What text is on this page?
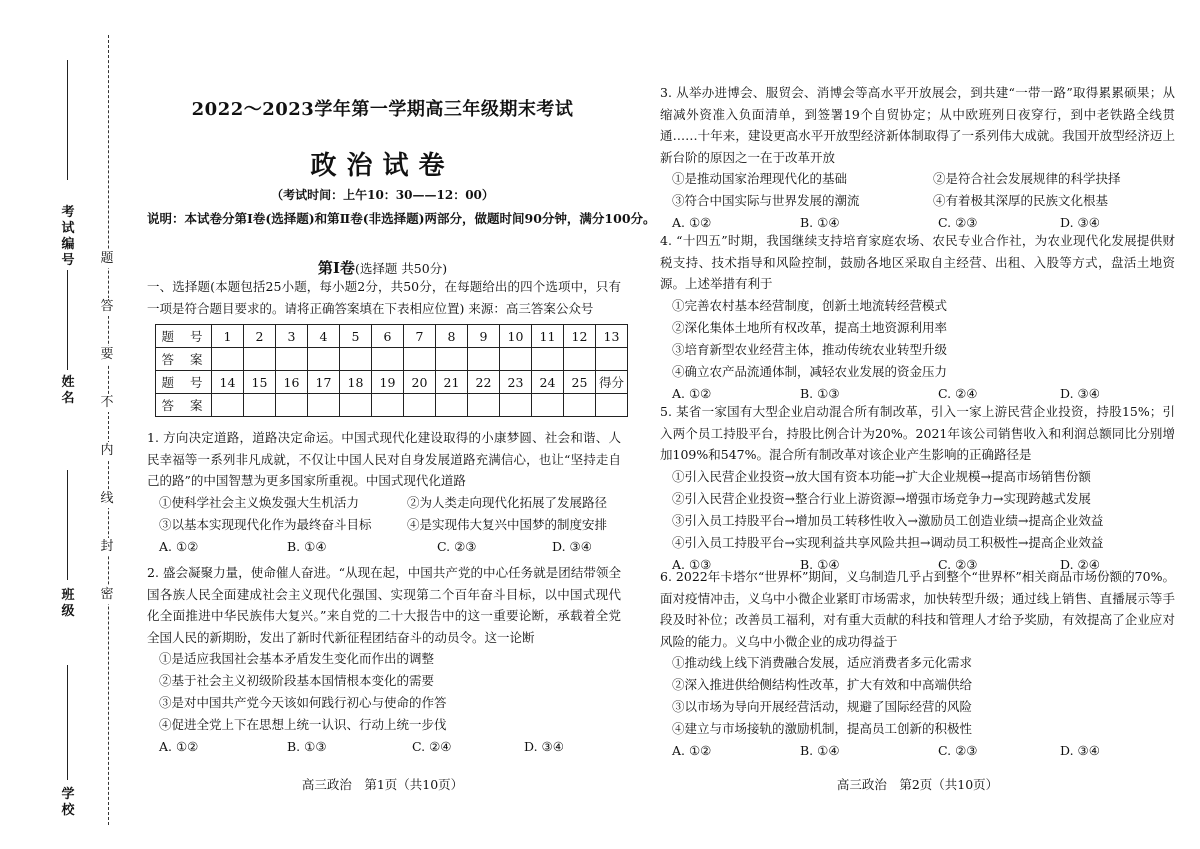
题
答
要
不
内
线
封
密
考试编号
姓名
班级
学校
2022～2023学年第一学期高三年级期末考试
政治试卷
（考试时间：上午10：30——12：00）
说明：本试卷分第Ⅰ卷(选择题)和第Ⅱ卷(非选择题)两部分，做题时间90分钟，满分100分。
第Ⅰ卷(选择题 共50分)
一、选择题(本题包括25小题，每小题2分，共50分，在每题给出的四个选项中，只有一项是符合题目要求的。请将正确答案填在下表相应位置) 来源：高三答案公众号
题 号	1	2	3	4	5	6	7	8	9	10	11	12	13
答 案													
题 号	14	15	16	17	18	19	20	21	22	23	24	25	得分
答 案													

1. 方向决定道路，道路决定命运。中国式现代化建设取得的小康梦圆、社会和谐、人民幸福等一系列非凡成就，不仅让中国人民对自身发展道路充满信心，也让“坚持走自己的路”的中国智慧为更多国家所重视。中国式现代化道路

①使科学社会主义焕发强大生机活力	②为人类走向现代化拓展了发展路径
③以基本实现现代化作为最终奋斗目标	④是实现伟大复兴中国梦的制度安排
A. ①②	B. ①④	C. ②③	D. ③④

2. 盛会凝聚力量，使命催人奋进。“从现在起，中国共产党的中心任务就是团结带领全国各族人民全面建成社会主义现代化强国、实现第二个百年奋斗目标，以中国式现代化全面推进中华民族伟大复兴。”来自党的二十大报告中的这一重要论断，承载着全党全国人民的新期盼，发出了新时代新征程团结奋斗的动员令。这一论断

①是适应我国社会基本矛盾发生变化而作出的调整
②基于社会主义初级阶段基本国情根本变化的需要
③是对中国共产党今天该如何践行初心与使命的作答
④促进全党上下在思想上统一认识、行动上统一步伐
A. ①②	B. ①③	C. ②④	D. ③④
高三政治　第1页（共10页）

3. 从举办进博会、服贸会、消博会等高水平开放展会，到共建“一带一路”取得累累硕果；从缩减外资准入负面清单，到签署19个自贸协定；从中欧班列日夜穿行，到中老铁路全线贯通……十年来，建设更高水平开放型经济新体制取得了一系列伟大成就。我国开放型经济迈上新台阶的原因之一在于改革开放

①是推动国家治理现代化的基础	②是符合社会发展规律的科学抉择
③符合中国实际与世界发展的潮流	④有着极其深厚的民族文化根基
A. ①②	B. ①④	C. ②③	D. ③④

4. “十四五”时期，我国继续支持培育家庭农场、农民专业合作社，为农业现代化发展提供财税支持、技术指导和风险控制，鼓励各地区采取自主经营、出租、入股等方式，盘活土地资源。上述举措有利于

①完善农村基本经营制度，创新土地流转经营模式
②深化集体土地所有权改革，提高土地资源利用率
③培育新型农业经营主体，推动传统农业转型升级
④确立农产品流通体制，减轻农业发展的资金压力
A. ①②	B. ①③	C. ②④	D. ③④

5. 某省一家国有大型企业启动混合所有制改革，引入一家上游民营企业投资，持股15%；引入两个员工持股平台，持股比例合计为20%。2021年该公司销售收入和利润总额同比分别增加109%和547%。混合所有制改革对该企业产生影响的正确路径是

①引入民营企业投资→放大国有资本功能→扩大企业规模→提高市场销售份额
②引入民营企业投资→整合行业上游资源→增强市场竞争力→实现跨越式发展
③引入员工持股平台→增加员工转移性收入→激励员工创造业绩→提高企业效益
④引入员工持股平台→实现利益共享风险共担→调动员工积极性→提高企业效益
A. ①③	B. ①④	C. ②③	D. ②④

6. 2022年卡塔尔“世界杯”期间，义乌制造几乎占到整个“世界杯”相关商品市场份额的70%。面对疫情冲击，义乌中小微企业紧盯市场需求，加快转型升级；通过线上销售、直播展示等手段及时补位；改善员工福利，对有重大贡献的科技和管理人才给予奖励，有效提高了企业应对风险的能力。义乌中小微企业的成功得益于

①推动线上线下消费融合发展，适应消费者多元化需求
②深入推进供给侧结构性改革，扩大有效和中高端供给
③以市场为导向开展经营活动，规避了国际经营的风险
④建立与市场接轨的激励机制，提高员工创新的积极性
A. ①②	B. ①④	C. ②③	D. ③④
高三政治　第2页（共10页）
